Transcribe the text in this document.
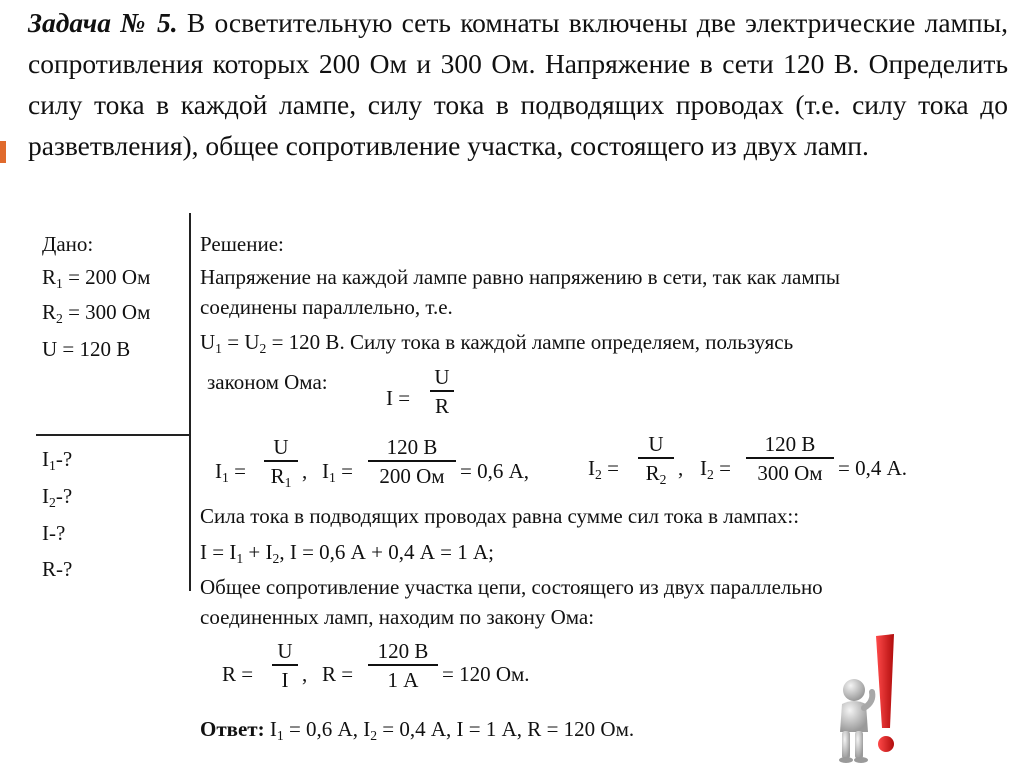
Задача № 5. В осветительную сеть комнаты включены две электрические лампы, сопротивления которых 200 Ом и 300 Ом. Напряжение в сети 120 В. Определить силу тока в каждой лампе, силу тока в подводящих проводах (т.е. силу тока до разветвления), общее сопротивление участка, состоящего из двух ламп.
Дано:
$R_1 = 200$ Ом
$R_2 = 300$ Ом
U = 120 В
$I_1-$?
$I_2-$?
I-?
R-?
Решение:
Напряжение на каждой лампе равно напряжению в сети, так как лампы
соединены параллельно, т.е.
$U_1 = U_2 = 120$ В. Силу тока в каждой лампе определяем, пользуясь
законом Ома:
I =
U
R
$I_1$ =
U
$R_1$ , $I_1$ =
120 В
200 Ом = 0,6 А,	$I_2$ =
U
$R_2$ , $I_2$ =
120 В
300 Ом = 0,4 А.
Сила тока в подводящих проводах равна сумме сил тока в лампах::
$I = I_1 + I_2$, I = 0,6 А + 0,4 А = 1 А;
Общее сопротивление участка цепи, состоящего из двух параллельно
соединенных ламп, находим по закону Ома:
R =
U
I , R =
120 В
1 А	= 120 Ом.
Ответ: $I_1 = 0,6$ А, $I_2 = 0,4$ А, I = 1 А, R = 120 Ом.
